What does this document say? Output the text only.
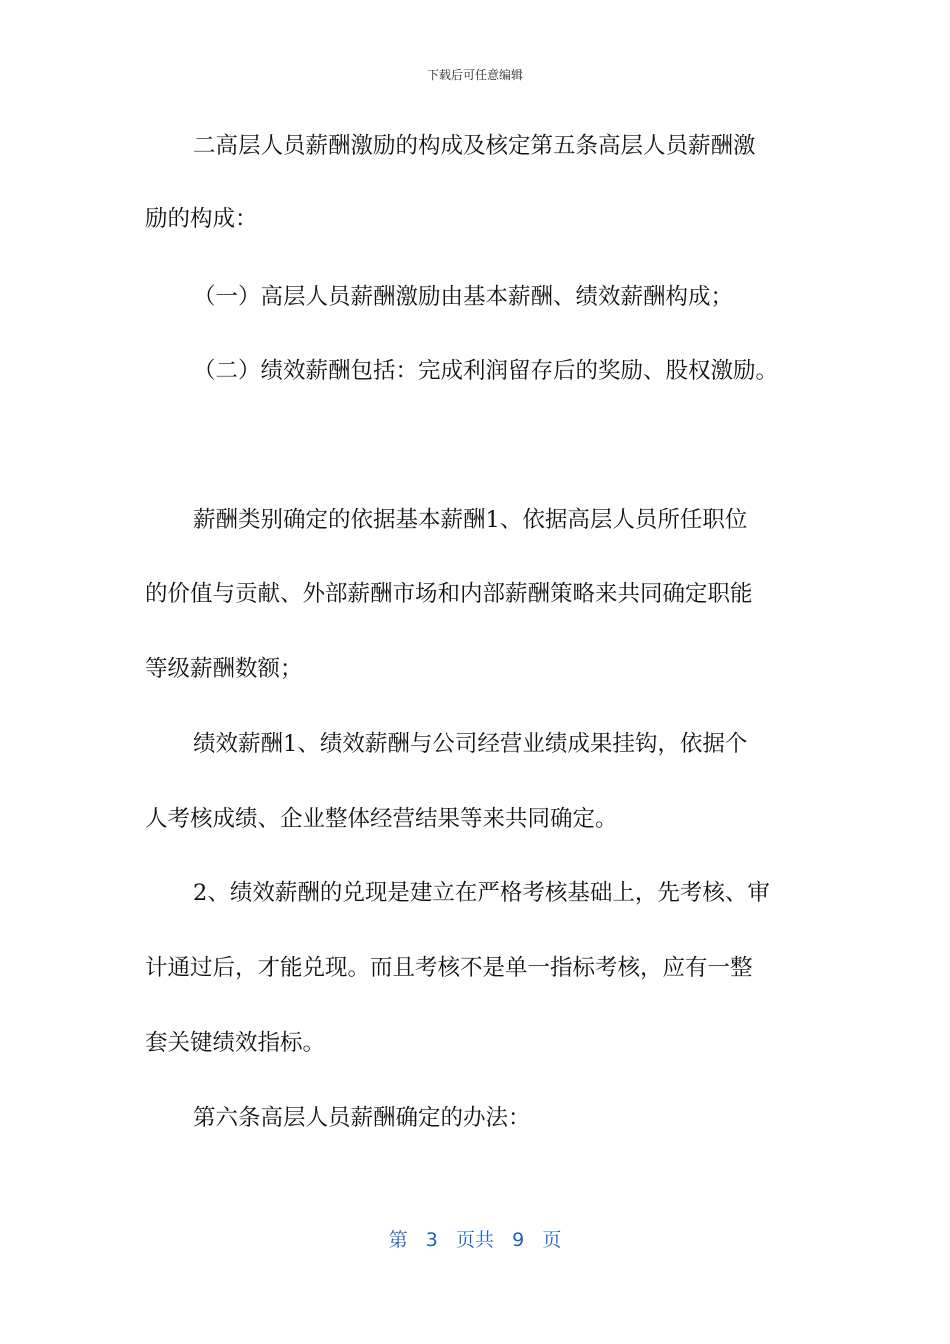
下载后可任意编辑
二高层人员薪酬激励的构成及核定第五条高层人员薪酬激
励的构成：
（一）高层人员薪酬激励由基本薪酬、绩效薪酬构成；
（二）绩效薪酬包括：完成利润留存后的奖励、股权激励。
薪酬类别确定的依据基本薪酬1、依据高层人员所任职位
的价值与贡献、外部薪酬市场和内部薪酬策略来共同确定职能
等级薪酬数额；
绩效薪酬1、绩效薪酬与公司经营业绩成果挂钩，依据个
人考核成绩、企业整体经营结果等来共同确定。
2、绩效薪酬的兑现是建立在严格考核基础上，先考核、审
计通过后，才能兑现。而且考核不是单一指标考核，应有一整
套关键绩效指标。
第六条高层人员薪酬确定的办法：
第 3 页共 9 页
